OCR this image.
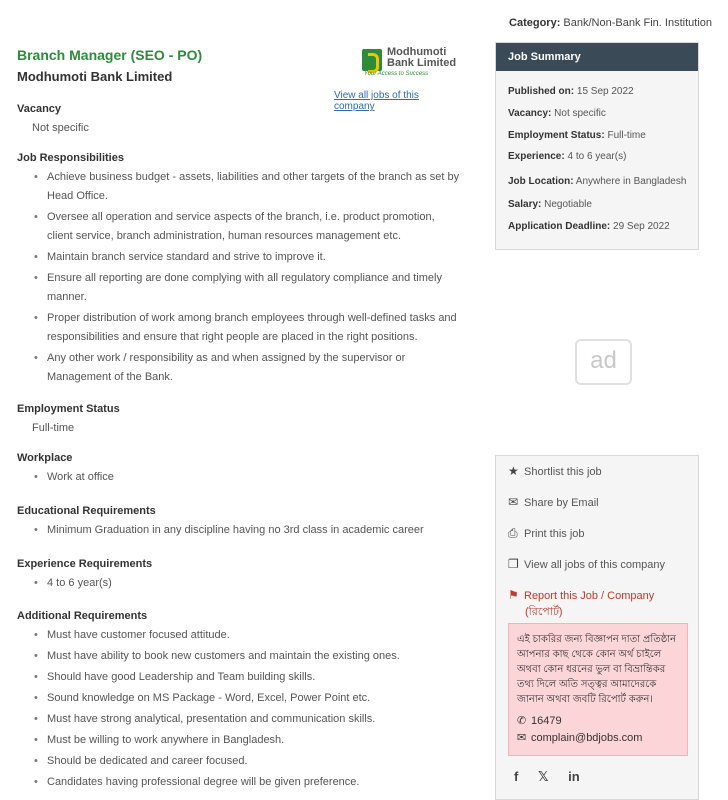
Category: Bank/Non-Bank Fin. Institution
Branch Manager (SEO - PO)
Modhumoti Bank Limited
Modhumoti
Bank Limited
Your Access to Success
View all jobs of this company
Vacancy
Not specific
Job Responsibilities
• Achieve business budget - assets, liabilities and other targets of the branch as set by Head Office.
• Oversee all operation and service aspects of the branch, i.e. product promotion, client service, branch administration, human resources management etc.
• Maintain branch service standard and strive to improve it.
• Ensure all reporting are done complying with all regulatory compliance and timely manner.
• Proper distribution of work among branch employees through well-defined tasks and responsibilities and ensure that right people are placed in the right positions.
• Any other work / responsibility as and when assigned by the supervisor or Management of the Bank.
Employment Status
Full-time
Workplace
• Work at office
Educational Requirements
• Minimum Graduation in any discipline having no 3rd class in academic career
Experience Requirements
• 4 to 6 year(s)
Additional Requirements
• Must have customer focused attitude.
• Must have ability to book new customers and maintain the existing ones.
• Should have good Leadership and Team building skills.
• Sound knowledge on MS Package - Word, Excel, Power Point etc.
• Must have strong analytical, presentation and communication skills.
• Must be willing to work anywhere in Bangladesh.
• Should be dedicated and career focused.
• Candidates having professional degree will be given preference.
Job Summary
Published on: 15 Sep 2022
Vacancy: Not specific
Employment Status: Full-time
Experience: 4 to 6 year(s)
Job Location: Anywhere in Bangladesh
Salary: Negotiable
Application Deadline: 29 Sep 2022
ad
★ Shortlist this job
✉ Share by Email
⎙ Print this job
❐ View all jobs of this company
⚑ Report this Job / Company
(রিপোর্ট)
এই চাকরির জন্য বিজ্ঞাপন দাতা প্রতিষ্ঠান আপনার কাছ থেকে কোন অর্থ চাইলে অথবা কোন ধরনের ভুল বা বিভ্রান্তিকর তথ্য দিলে অতি সত্ত্বর আমাদেরকে জানান অথবা জবটি রিপোর্ট করুন।
✆ 16479
✉ complain@bdjobs.com
f 𝕏 in
